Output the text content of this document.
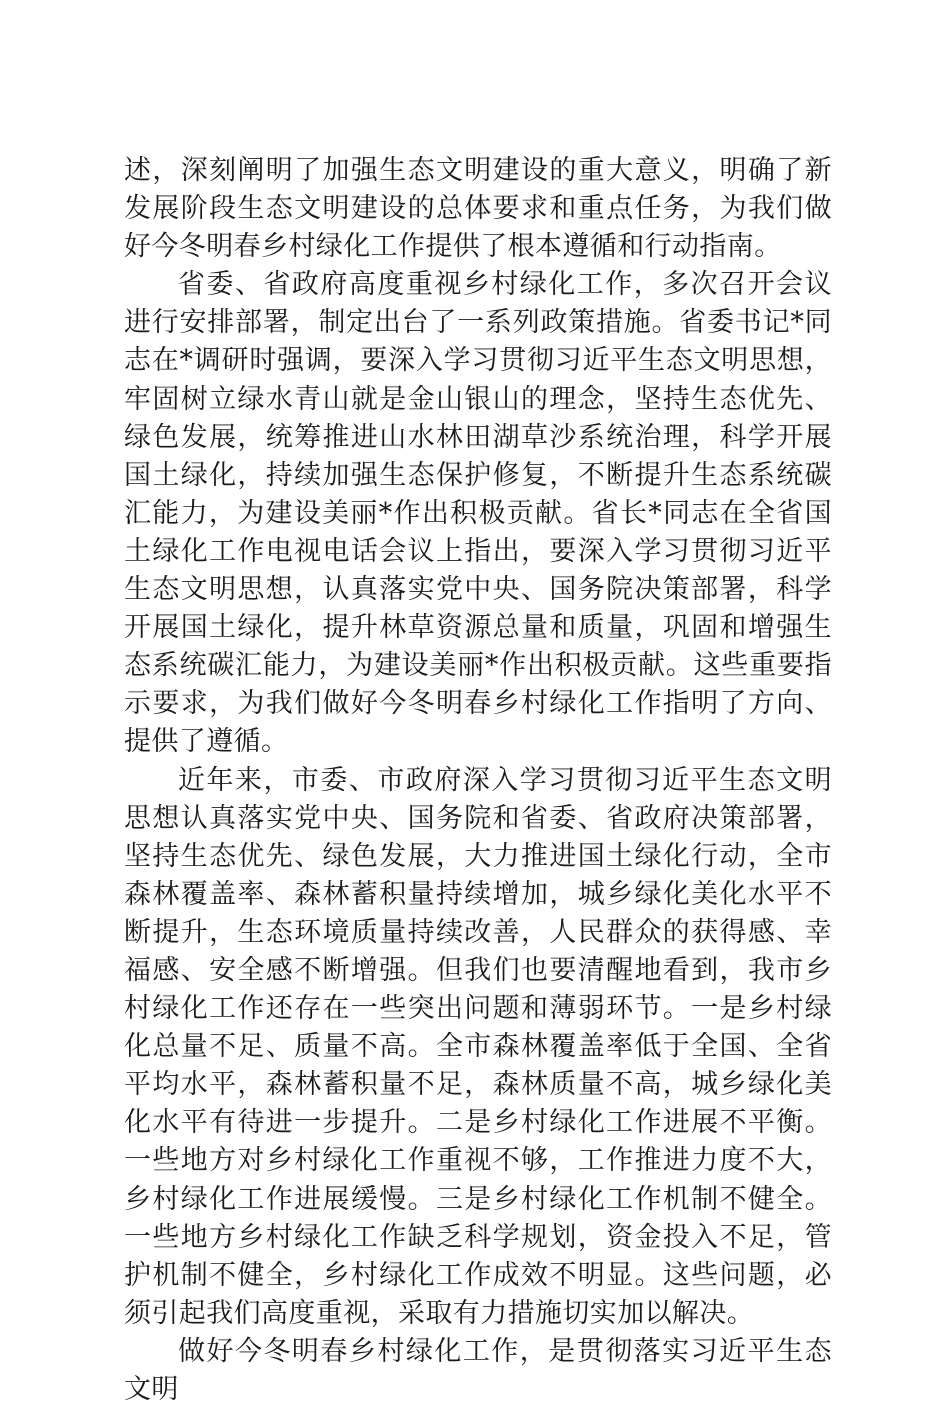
述，深刻阐明了加强生态文明建设的重大意义，明确了新发展阶段生态文明建设的总体要求和重点任务，为我们做好今冬明春乡村绿化工作提供了根本遵循和行动指南。

省委、省政府高度重视乡村绿化工作，多次召开会议进行安排部署，制定出台了一系列政策措施。省委书记*同志在*调研时强调，要深入学习贯彻习近平生态文明思想，牢固树立绿水青山就是金山银山的理念，坚持生态优先、绿色发展，统筹推进山水林田湖草沙系统治理，科学开展国土绿化，持续加强生态保护修复，不断提升生态系统碳汇能力，为建设美丽*作出积极贡献。省长*同志在全省国土绿化工作电视电话会议上指出，要深入学习贯彻习近平生态文明思想，认真落实党中央、国务院决策部署，科学开展国土绿化，提升林草资源总量和质量，巩固和增强生态系统碳汇能力，为建设美丽*作出积极贡献。这些重要指示要求，为我们做好今冬明春乡村绿化工作指明了方向、提供了遵循。

近年来，市委、市政府深入学习贯彻习近平生态文明思想认真落实党中央、国务院和省委、省政府决策部署，坚持生态优先、绿色发展，大力推进国土绿化行动，全市森林覆盖率、森林蓄积量持续增加，城乡绿化美化水平不断提升，生态环境质量持续改善，人民群众的获得感、幸福感、安全感不断增强。但我们也要清醒地看到，我市乡村绿化工作还存在一些突出问题和薄弱环节。一是乡村绿化总量不足、质量不高。全市森林覆盖率低于全国、全省平均水平，森林蓄积量不足，森林质量不高，城乡绿化美化水平有待进一步提升。二是乡村绿化工作进展不平衡。一些地方对乡村绿化工作重视不够，工作推进力度不大，乡村绿化工作进展缓慢。三是乡村绿化工作机制不健全。一些地方乡村绿化工作缺乏科学规划，资金投入不足，管护机制不健全，乡村绿化工作成效不明显。这些问题，必须引起我们高度重视，采取有力措施切实加以解决。

做好今冬明春乡村绿化工作，是贯彻落实习近平生态文明
